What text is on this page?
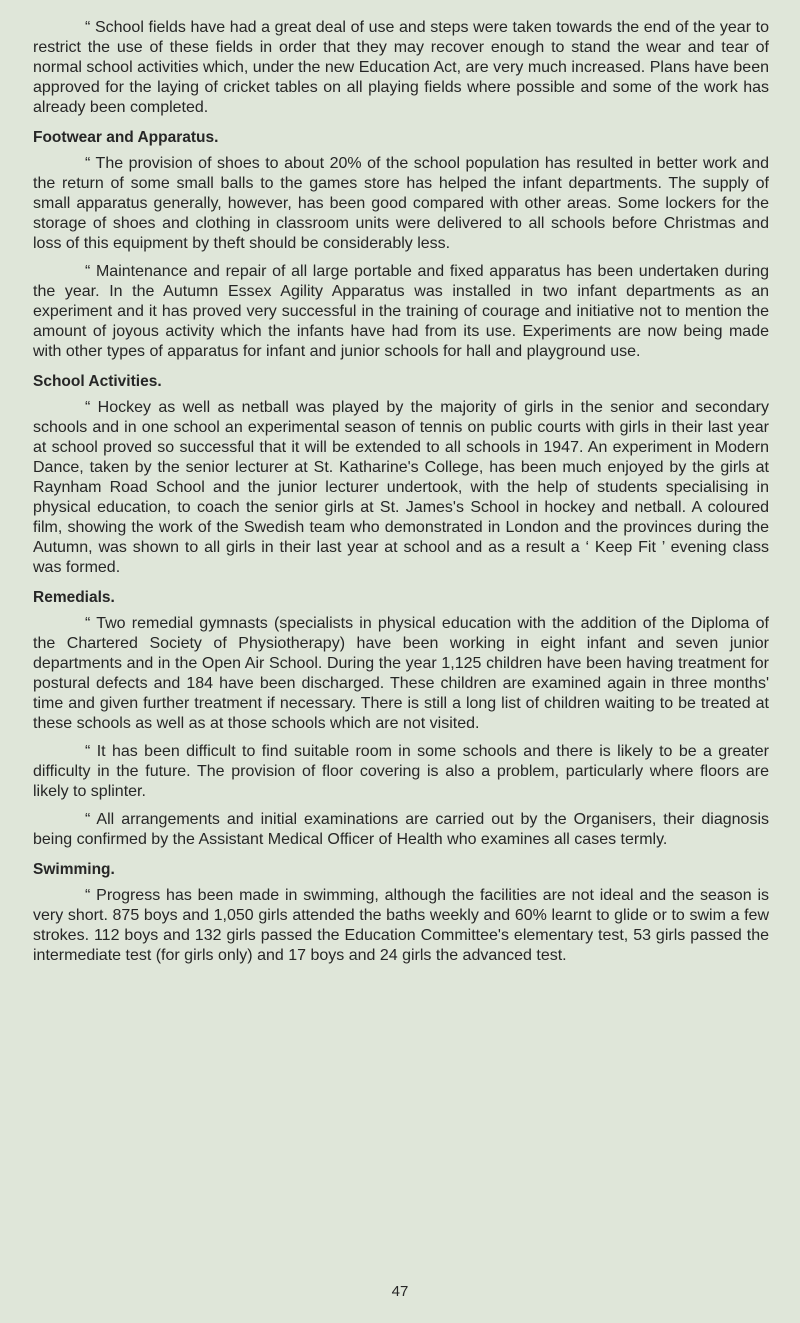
“ School fields have had a great deal of use and steps were taken towards the end of the year to restrict the use of these fields in order that they may recover enough to stand the wear and tear of normal school activities which, under the new Education Act, are very much increased. Plans have been approved for the laying of cricket tables on all playing fields where possible and some of the work has already been completed.

Footwear and Apparatus.

“ The provision of shoes to about 20% of the school population has resulted in better work and the return of some small balls to the games store has helped the infant departments. The supply of small apparatus generally, however, has been good compared with other areas. Some lockers for the storage of shoes and clothing in classroom units were delivered to all schools before Christmas and loss of this equipment by theft should be considerably less.

“ Maintenance and repair of all large portable and fixed apparatus has been undertaken during the year. In the Autumn Essex Agility Apparatus was installed in two infant departments as an experiment and it has proved very successful in the training of courage and initiative not to mention the amount of joyous activity which the infants have had from its use. Experiments are now being made with other types of apparatus for infant and junior schools for hall and playground use.

School Activities.

“ Hockey as well as netball was played by the majority of girls in the senior and secondary schools and in one school an experimental season of tennis on public courts with girls in their last year at school proved so successful that it will be extended to all schools in 1947. An experiment in Modern Dance, taken by the senior lecturer at St. Katharine's College, has been much enjoyed by the girls at Raynham Road School and the junior lecturer undertook, with the help of students specialising in physical education, to coach the senior girls at St. James's School in hockey and netball. A coloured film, showing the work of the Swedish team who demonstrated in London and the provinces during the Autumn, was shown to all girls in their last year at school and as a result a ‘ Keep Fit ’ evening class was formed.

Remedials.

“ Two remedial gymnasts (specialists in physical education with the addition of the Diploma of the Chartered Society of Physiotherapy) have been working in eight infant and seven junior departments and in the Open Air School. During the year 1,125 children have been having treatment for postural defects and 184 have been discharged. These children are examined again in three months' time and given further treatment if necessary. There is still a long list of children waiting to be treated at these schools as well as at those schools which are not visited.

“ It has been difficult to find suitable room in some schools and there is likely to be a greater difficulty in the future. The provision of floor covering is also a problem, particularly where floors are likely to splinter.

“ All arrangements and initial examinations are carried out by the Organisers, their diagnosis being confirmed by the Assistant Medical Officer of Health who examines all cases termly.

Swimming.

“ Progress has been made in swimming, although the facilities are not ideal and the season is very short. 875 boys and 1,050 girls attended the baths weekly and 60% learnt to glide or to swim a few strokes. 112 boys and 132 girls passed the Education Committee's elementary test, 53 girls passed the intermediate test (for girls only) and 17 boys and 24 girls the advanced test.

47
